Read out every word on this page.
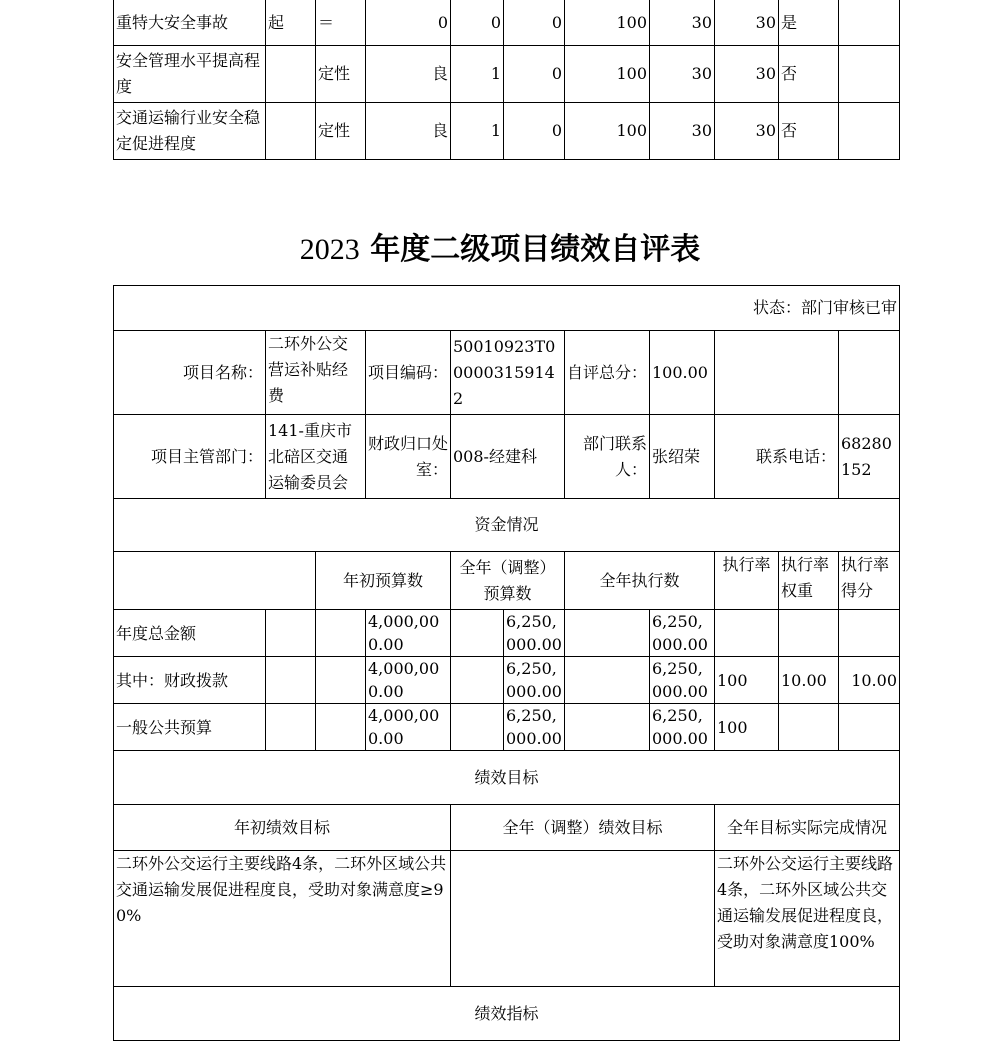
重特大安全事故	起	＝	0	0	0	100	30	30	是	
安全管理水平提高程度		定性	良	1	0	100	30	30	否	
交通运输行业安全稳定促进程度		定性	良	1	0	100	30	30	否	
2023 年度二级项目绩效自评表
状态：部门审核已审										
项目名称：	二环外公交营运补贴经费		项目编码：	50010923T000003159142		自评总分：	100.00			
项目主管部门：	141-重庆市北碚区交通运输委员会		财政归口处室：	008-经建科		部门联系人：	张绍荣	联系电话：		68280152
资金情况										
		年初预算数		全年（调整）预算数		全年执行数		执行率	执行率权重	执行率得分
年度总金额			4,000,000.00		6,250,000.00		6,250,000.00			
其中：财政拨款			4,000,000.00		6,250,000.00		6,250,000.00	100	10.00	10.00
一般公共预算			4,000,000.00		6,250,000.00		6,250,000.00	100		
绩效目标										
年初绩效目标				全年（调整）绩效目标				全年目标实际完成情况		
二环外公交运行主要线路4条，二环外区域公共交通运输发展促进程度良，受助对象满意度≥90%								二环外公交运行主要线路4条，二环外区域公共交通运输发展促进程度良，受助对象满意度100%		
绩效指标										
